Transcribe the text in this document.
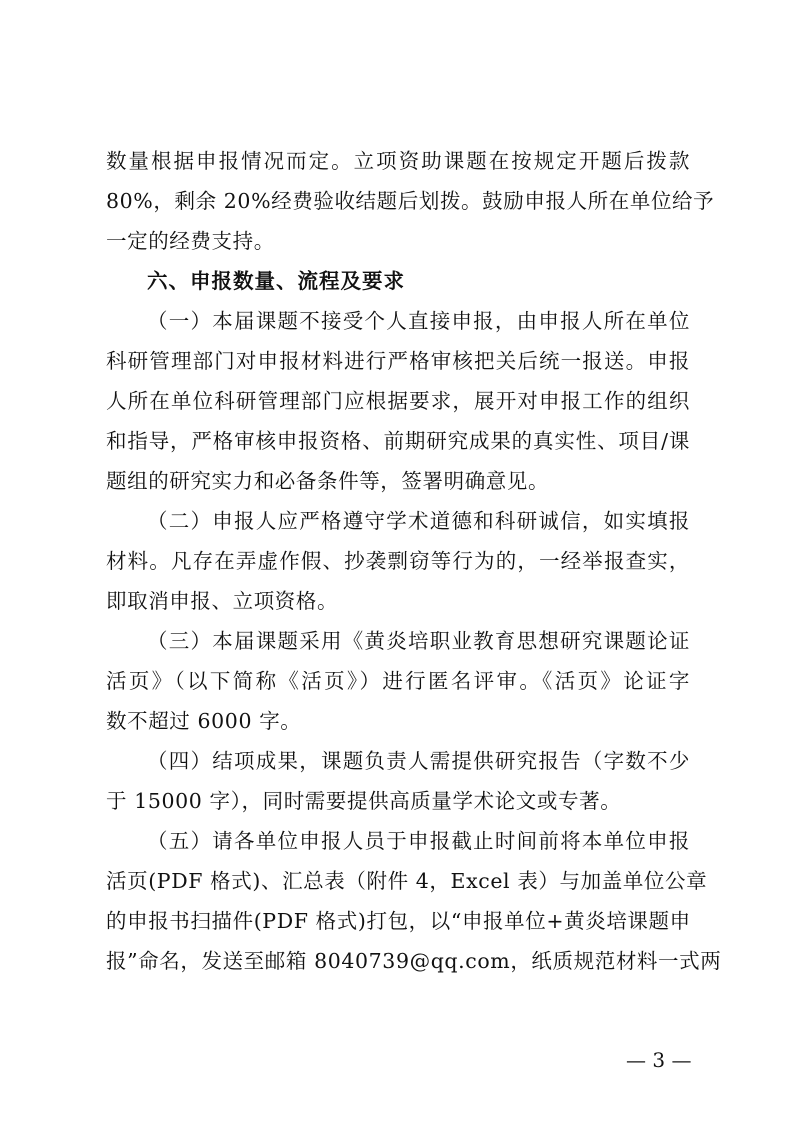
数量根据申报情况而定。立项资助课题在按规定开题后拨款
80%，剩余 20%经费验收结题后划拨。鼓励申报人所在单位给予
一定的经费支持。
六、申报数量、流程及要求
（一）本届课题不接受个人直接申报，由申报人所在单位
科研管理部门对申报材料进行严格审核把关后统一报送。申报
人所在单位科研管理部门应根据要求，展开对申报工作的组织
和指导，严格审核申报资格、前期研究成果的真实性、项目/课
题组的研究实力和必备条件等，签署明确意见。
（二）申报人应严格遵守学术道德和科研诚信，如实填报
材料。凡存在弄虚作假、抄袭剽窃等行为的，一经举报查实，
即取消申报、立项资格。
（三）本届课题采用《黄炎培职业教育思想研究课题论证
活页》（以下简称《活页》）进行匿名评审。《活页》论证字
数不超过 6000 字。
（四）结项成果，课题负责人需提供研究报告（字数不少
于 15000 字），同时需要提供高质量学术论文或专著。
（五）请各单位申报人员于申报截止时间前将本单位申报
活页(PDF 格式)、汇总表（附件 4，Excel 表）与加盖单位公章
的申报书扫描件(PDF 格式)打包，以“申报单位+黄炎培课题申
报”命名，发送至邮箱 8040739@qq.com，纸质规范材料一式两
— 3 —
